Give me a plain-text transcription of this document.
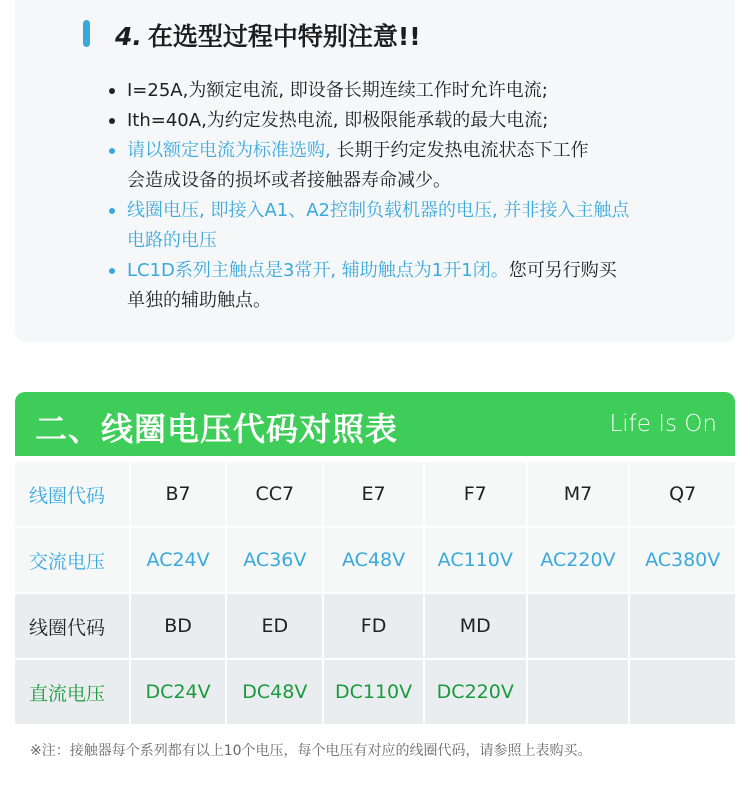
4. 在选型过程中特别注意!!
I=25A,为额定电流, 即设备长期连续工作时允许电流;
Ith=40A,为约定发热电流, 即极限能承载的最大电流;
请以额定电流为标准选购, 长期于约定发热电流状态下工作
会造成设备的损坏或者接触器寿命减少。
线圈电压, 即接入A1、A2控制负载机器的电压, 并非接入主触点
电路的电压
LC1D系列主触点是3常开, 辅助触点为1开1闭。您可另行购买
单独的辅助触点。
二、线圈电压代码对照表	Life Is On
线圈代码	B7	CC7	E7	F7	M7	Q7
交流电压	AC24V	AC36V	AC48V	AC110V	AC220V	AC380V
线圈代码	BD	ED	FD	MD
直流电压	DC24V	DC48V	DC110V	DC220V
※注：接触器每个系列都有以上10个电压，每个电压有对应的线圈代码，请参照上表购买。
